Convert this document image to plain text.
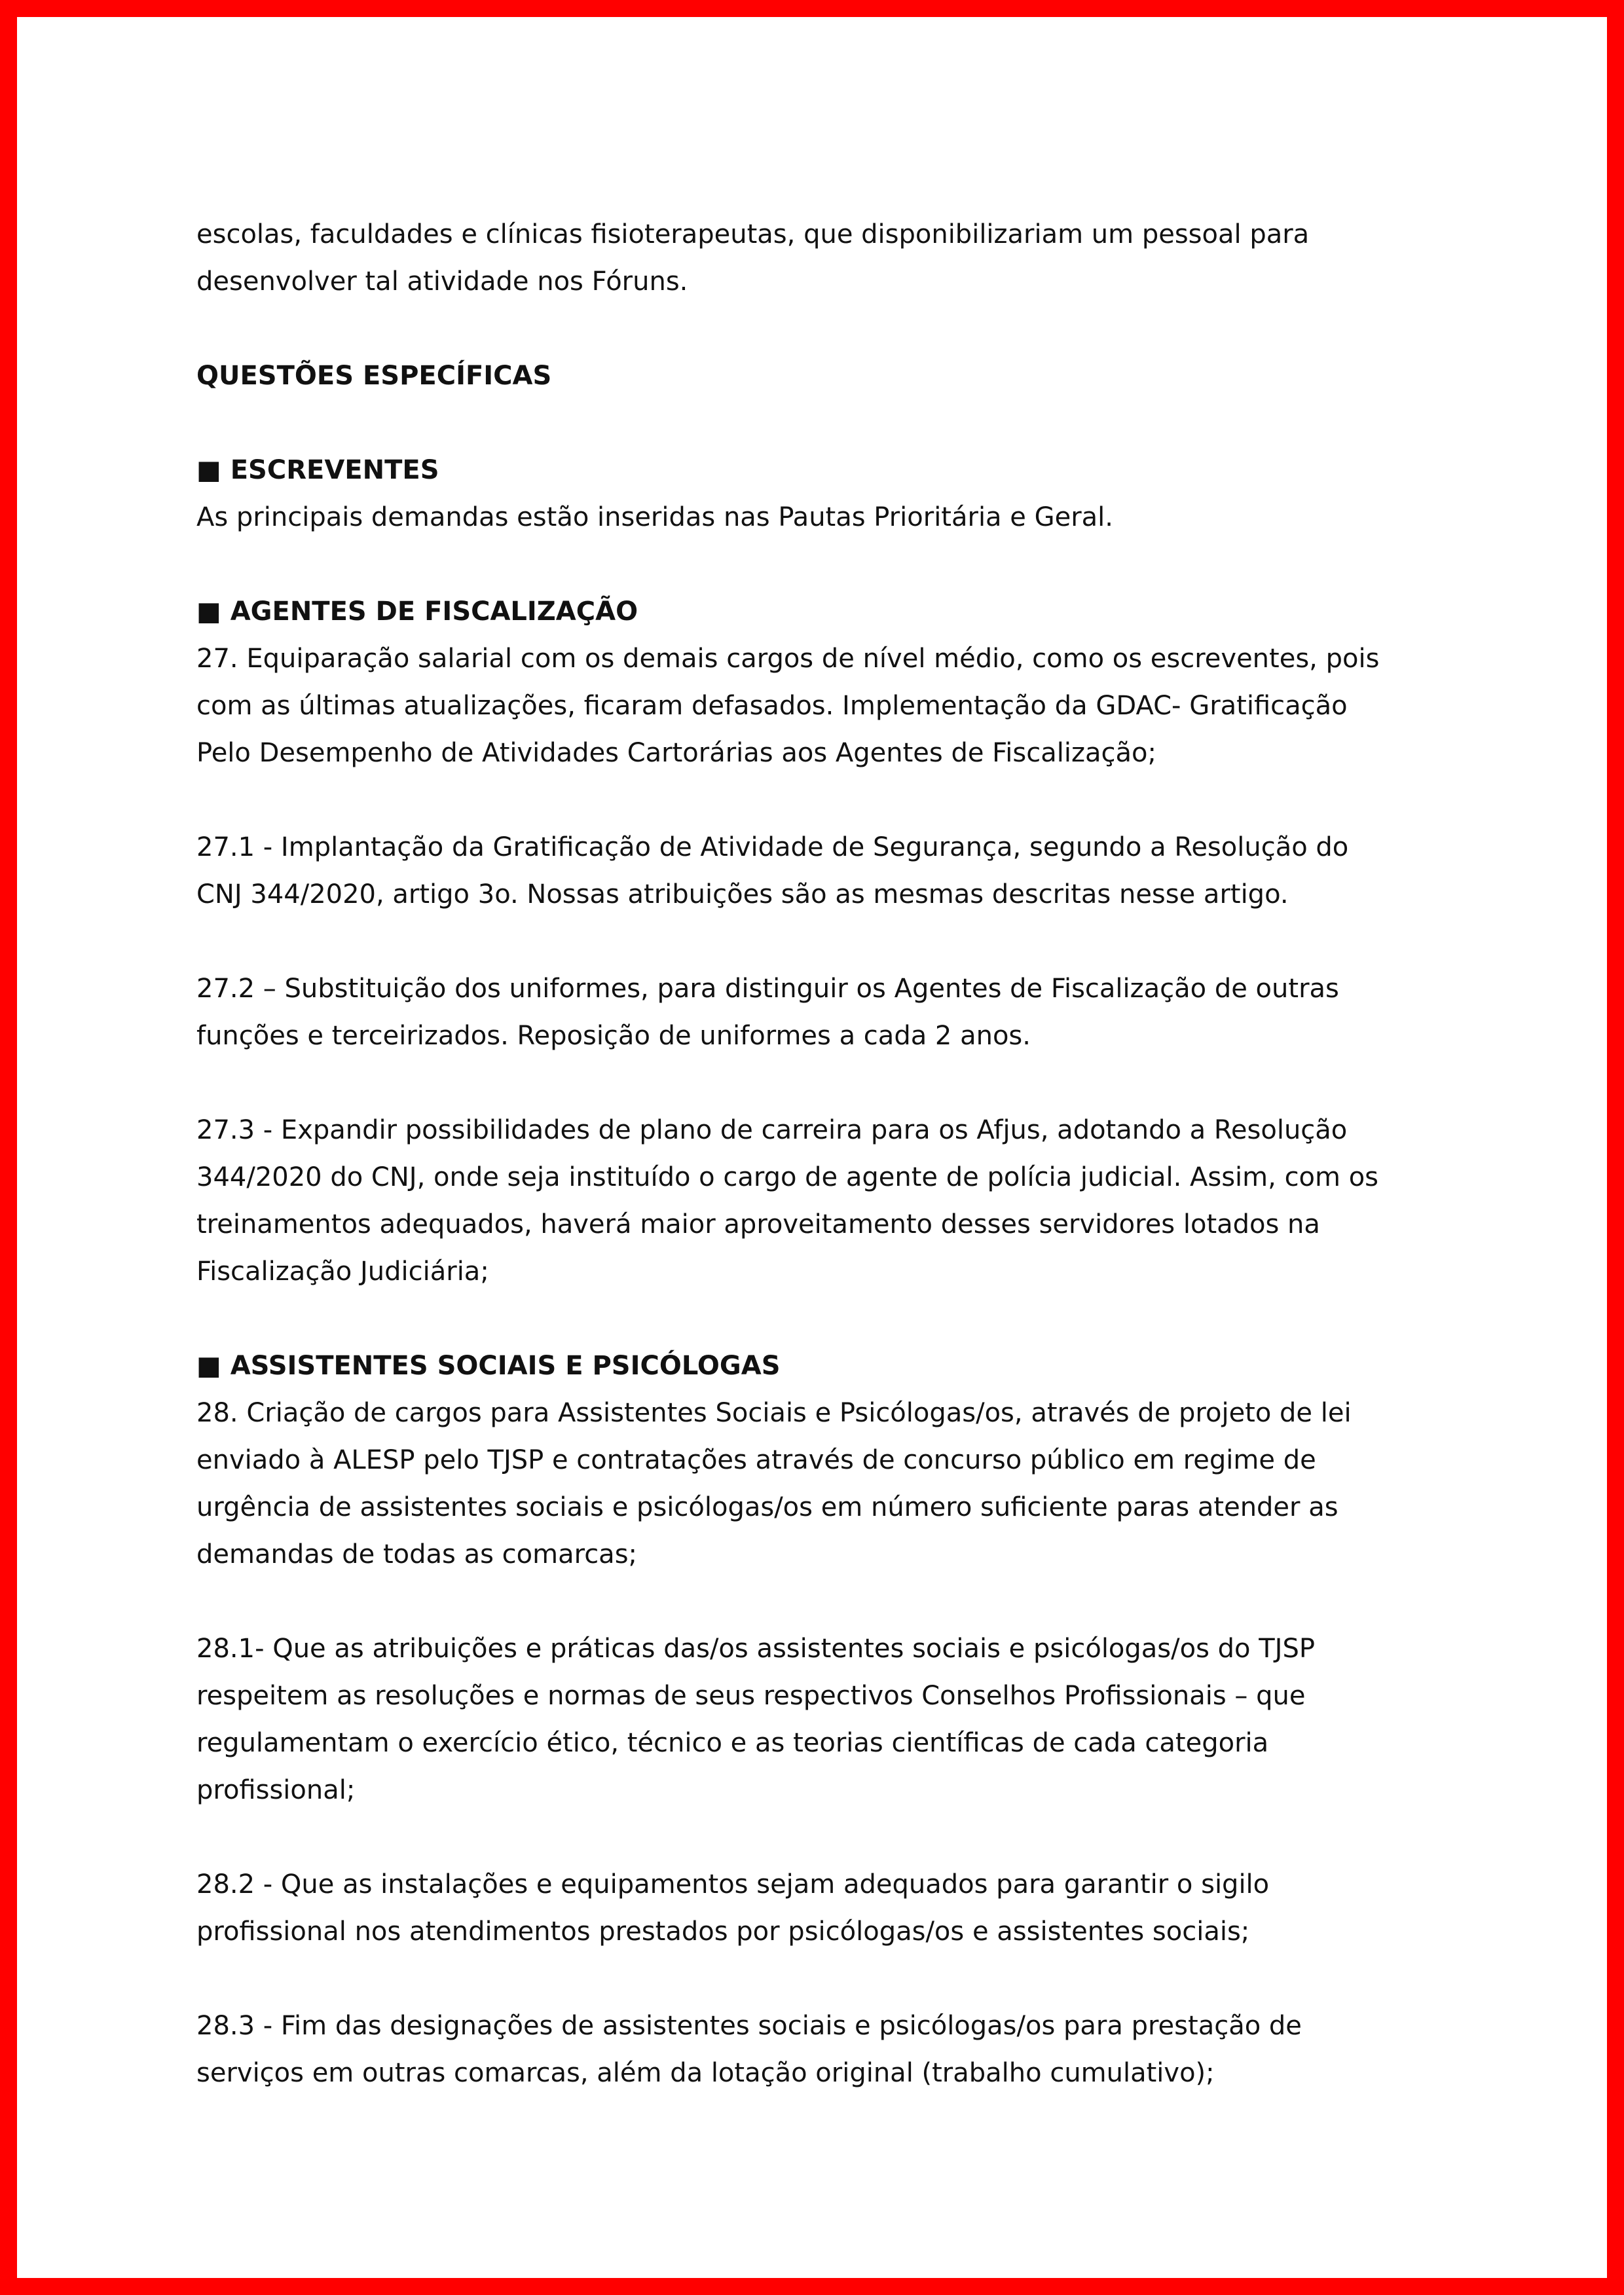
escolas, faculdades e clínicas fisioterapeutas, que disponibilizariam um pessoal para
desenvolver tal atividade nos Fóruns.

QUESTÕES ESPECÍFICAS

■ ESCREVENTES

As principais demandas estão inseridas nas Pautas Prioritária e Geral.

■ AGENTES DE FISCALIZAÇÃO

27. Equiparação salarial com os demais cargos de nível médio, como os escreventes, pois
com as últimas atualizações, ficaram defasados. Implementação da GDAC- Gratificação
Pelo Desempenho de Atividades Cartorárias aos Agentes de Fiscalização;

27.1 - Implantação da Gratificação de Atividade de Segurança, segundo a Resolução do
CNJ 344/2020, artigo 3o. Nossas atribuições são as mesmas descritas nesse artigo.

27.2 – Substituição dos uniformes, para distinguir os Agentes de Fiscalização de outras
funções e terceirizados. Reposição de uniformes a cada 2 anos.

27.3 - Expandir possibilidades de plano de carreira para os Afjus, adotando a Resolução
344/2020 do CNJ, onde seja instituído o cargo de agente de polícia judicial. Assim, com os
treinamentos adequados, haverá maior aproveitamento desses servidores lotados na
Fiscalização Judiciária;

■ ASSISTENTES SOCIAIS E PSICÓLOGAS

28. Criação de cargos para Assistentes Sociais e Psicólogas/os, através de projeto de lei
enviado à ALESP pelo TJSP e contratações através de concurso público em regime de
urgência de assistentes sociais e psicólogas/os em número suficiente paras atender as
demandas de todas as comarcas;

28.1- Que as atribuições e práticas das/os assistentes sociais e psicólogas/os do TJSP
respeitem as resoluções e normas de seus respectivos Conselhos Profissionais – que
regulamentam o exercício ético, técnico e as teorias científicas de cada categoria
profissional;

28.2 - Que as instalações e equipamentos sejam adequados para garantir o sigilo
profissional nos atendimentos prestados por psicólogas/os e assistentes sociais;

28.3 - Fim das designações de assistentes sociais e psicólogas/os para prestação de
serviços em outras comarcas, além da lotação original (trabalho cumulativo);
